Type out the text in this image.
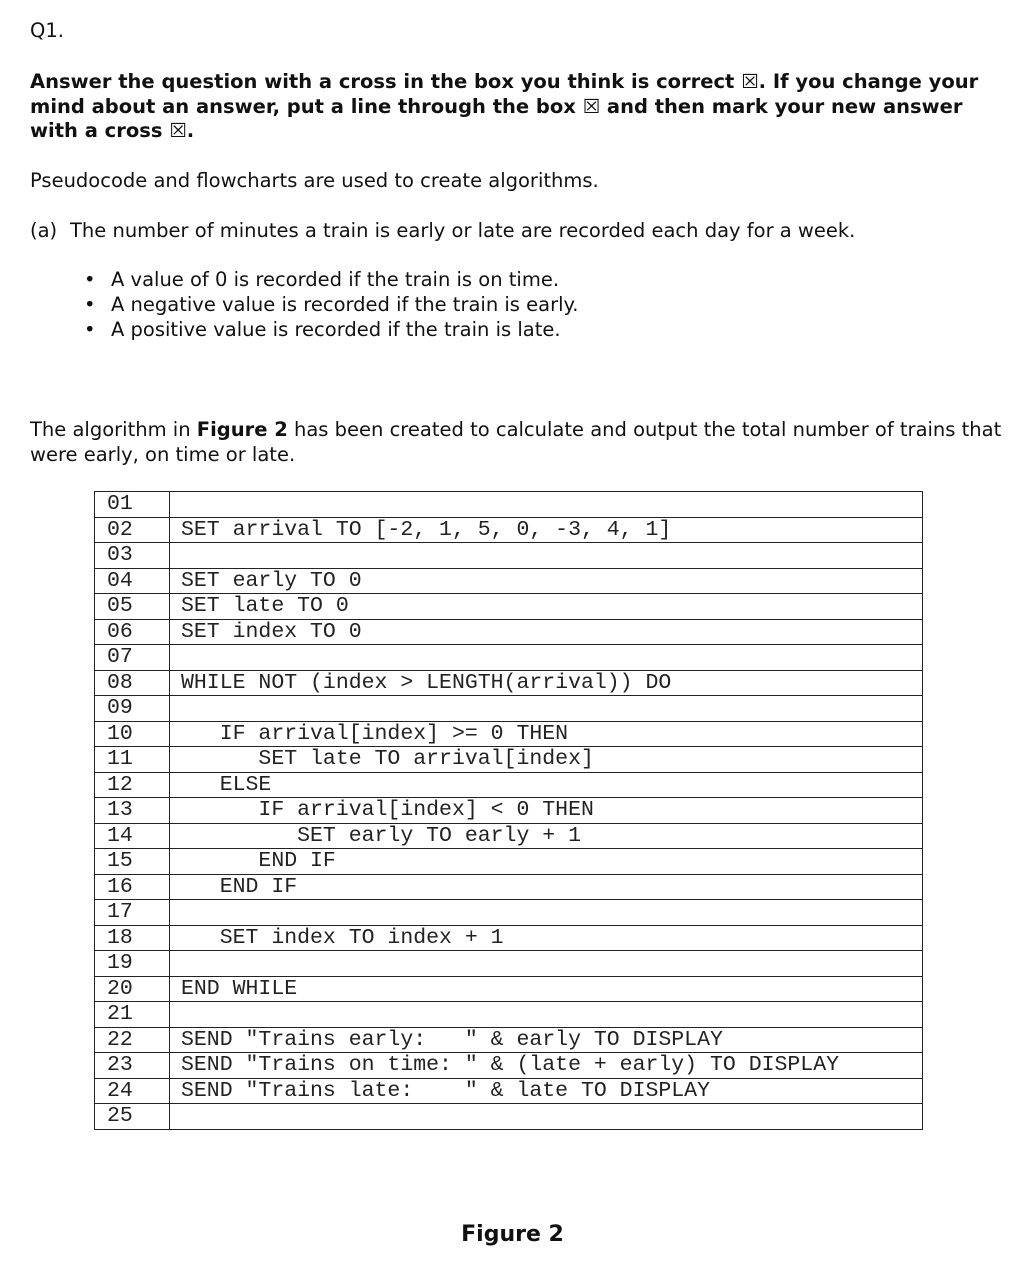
Q1.
Answer the question with a cross in the box you think is correct ☒. If you change your mind about an answer, put a line through the box ☒ and then mark your new answer with a cross ☒.
Pseudocode and flowcharts are used to create algorithms.
(a) The number of minutes a train is early or late are recorded each day for a week.
• A value of 0 is recorded if the train is on time.
• A negative value is recorded if the train is early.
• A positive value is recorded if the train is late.
The algorithm in Figure 2 has been created to calculate and output the total number of trains that were early, on time or late.
01	
02	SET arrival TO [-2, 1, 5, 0, -3, 4, 1]
03	
04	SET early TO 0
05	SET late TO 0
06	SET index TO 0
07	
08	WHILE NOT (index > LENGTH(arrival)) DO
09	
10	IF arrival[index] >= 0 THEN
11	SET late TO arrival[index]
12	ELSE
13	IF arrival[index] < 0 THEN
14	SET early TO early + 1
15	END IF
16	END IF
17	
18	SET index TO index + 1
19	
20	END WHILE
21	
22	SEND "Trains early:   " & early TO DISPLAY
23	SEND "Trains on time: " & (late + early) TO DISPLAY
24	SEND "Trains late:    " & late TO DISPLAY
25	
Figure 2
